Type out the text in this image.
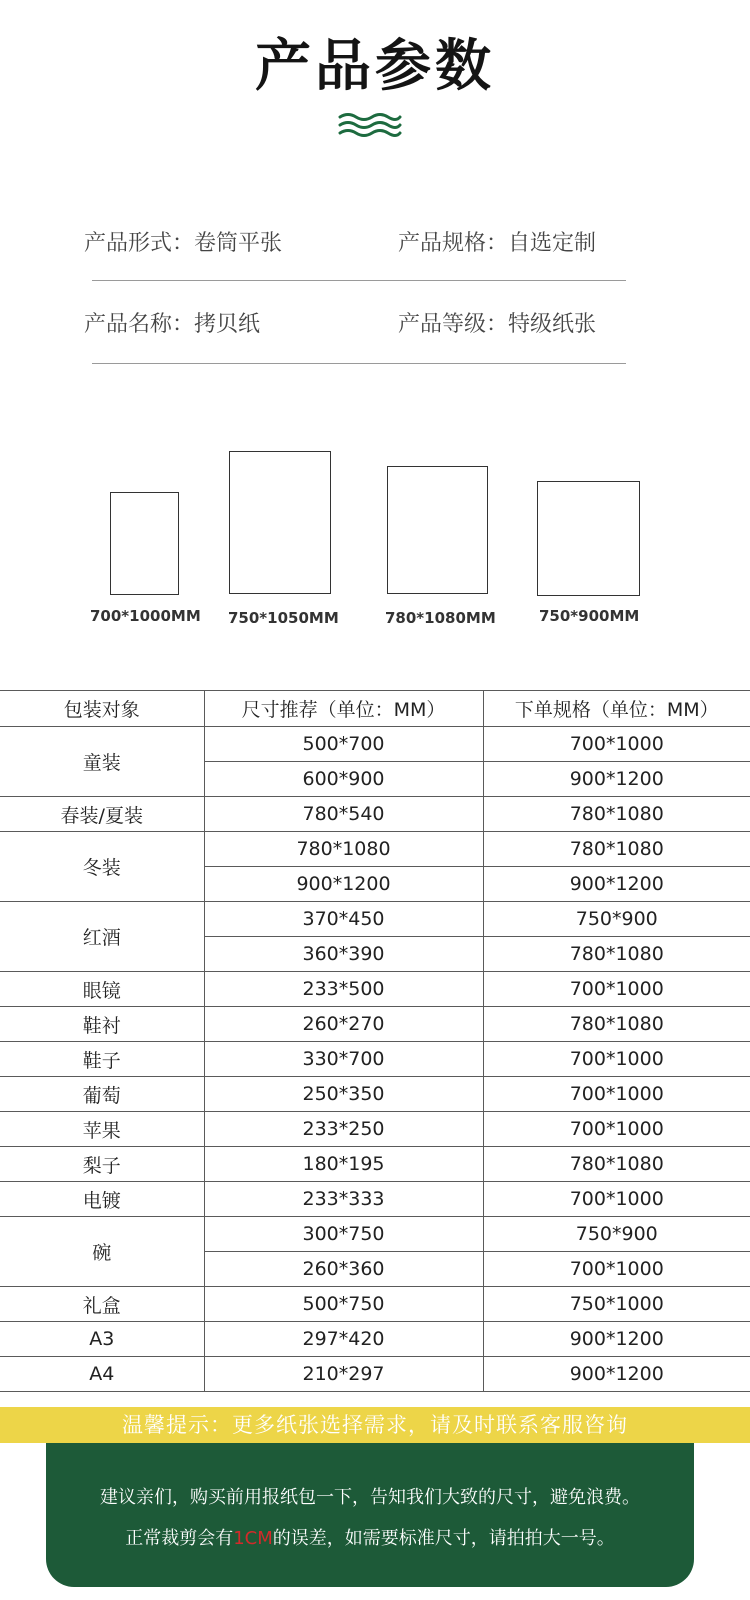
产品参数
产品形式：卷筒平张	产品规格：自选定制
产品名称：拷贝纸	产品等级：特级纸张
700*1000MM 750*1050MM	780*1080MM	750*900MM
包装对象	尺寸推荐（单位：MM）	下单规格（单位：MM）
童装	500*700	700*1000
	600*900	900*1200
春装/夏装	780*540	780*1080
冬装	780*1080	780*1080
	900*1200	900*1200
红酒	370*450	750*900
	360*390	780*1080
眼镜	233*500	700*1000
鞋衬	260*270	780*1080
鞋子	330*700	700*1000
葡萄	250*350	700*1000
苹果	233*250	700*1000
梨子	180*195	780*1080
电镀	233*333	700*1000
碗	300*750	750*900
	260*360	700*1000
礼盒	500*750	750*1000
A3	297*420	900*1200
A4	210*297	900*1200
温馨提示：更多纸张选择需求，请及时联系客服咨询
建议亲们，购买前用报纸包一下，告知我们大致的尺寸，避免浪费。
正常裁剪会有1CM的误差，如需要标准尺寸，请拍拍大一号。
